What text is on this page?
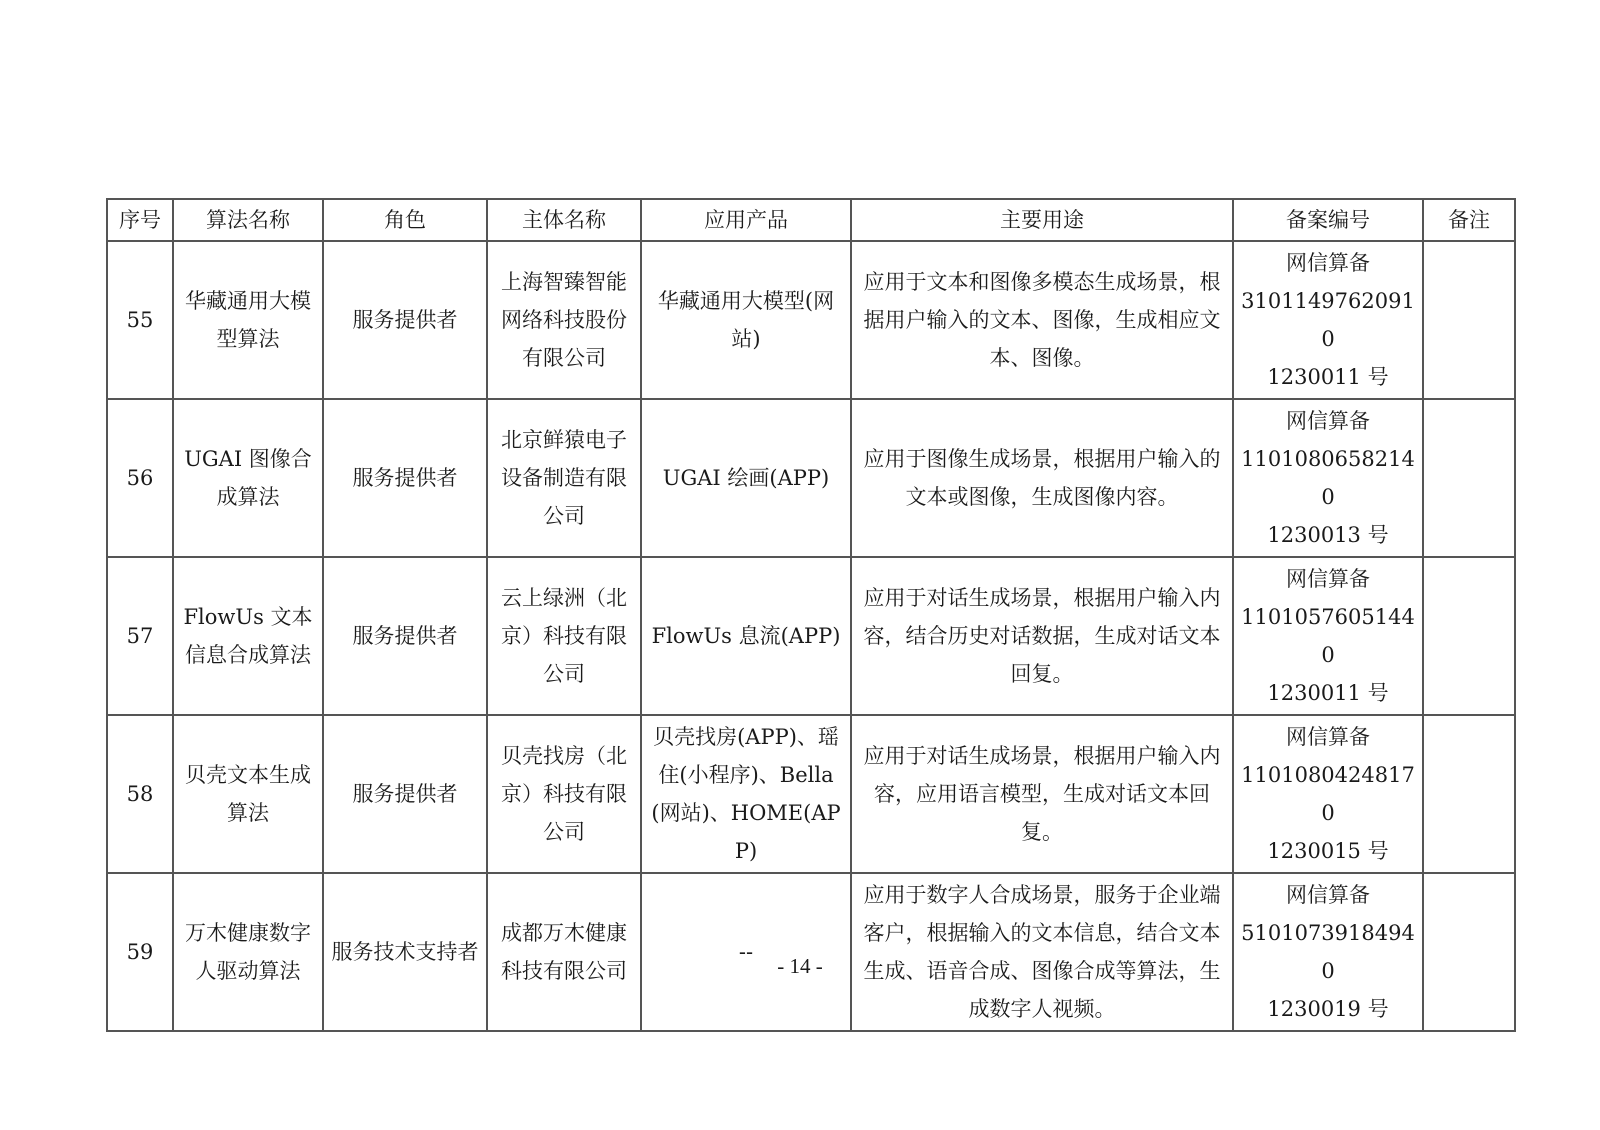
序号	算法名称	角色	主体名称	应用产品	主要用途	备案编号	备注
55	华藏通用大模型算法	服务提供者	上海智臻智能网络科技股份有限公司	华藏通用大模型(网站)	应用于文本和图像多模态生成场景，根据用户输入的文本、图像，生成相应文本、图像。	网信算备
31011497620910
1230011 号	

56	UGAI 图像合成算法	服务提供者	北京鲜猿电子设备制造有限公司	UGAI 绘画(APP)	应用于图像生成场景，根据用户输入的文本或图像，生成图像内容。	网信算备
11010806582140
1230013 号	

57	FlowUs 文本信息合成算法	服务提供者	云上绿洲（北京）科技有限公司	FlowUs 息流(APP)	应用于对话生成场景，根据用户输入内容，结合历史对话数据，生成对话文本回复。	网信算备
11010576051440
1230011 号	

58	贝壳文本生成算法	服务提供者	贝壳找房（北京）科技有限公司	贝壳找房(APP)、瑶住(小程序)、Bella(网站)、HOME(APP)	应用于对话生成场景，根据用户输入内容，应用语言模型，生成对话文本回复。	网信算备
11010804248170
1230015 号	

59	万木健康数字人驱动算法	服务技术支持者	成都万木健康科技有限公司	--	应用于数字人合成场景，服务于企业端客户，根据输入的文本信息，结合文本生成、语音合成、图像合成等算法，生成数字人视频。	网信算备
51010739184940
1230019 号	

- 14 -
